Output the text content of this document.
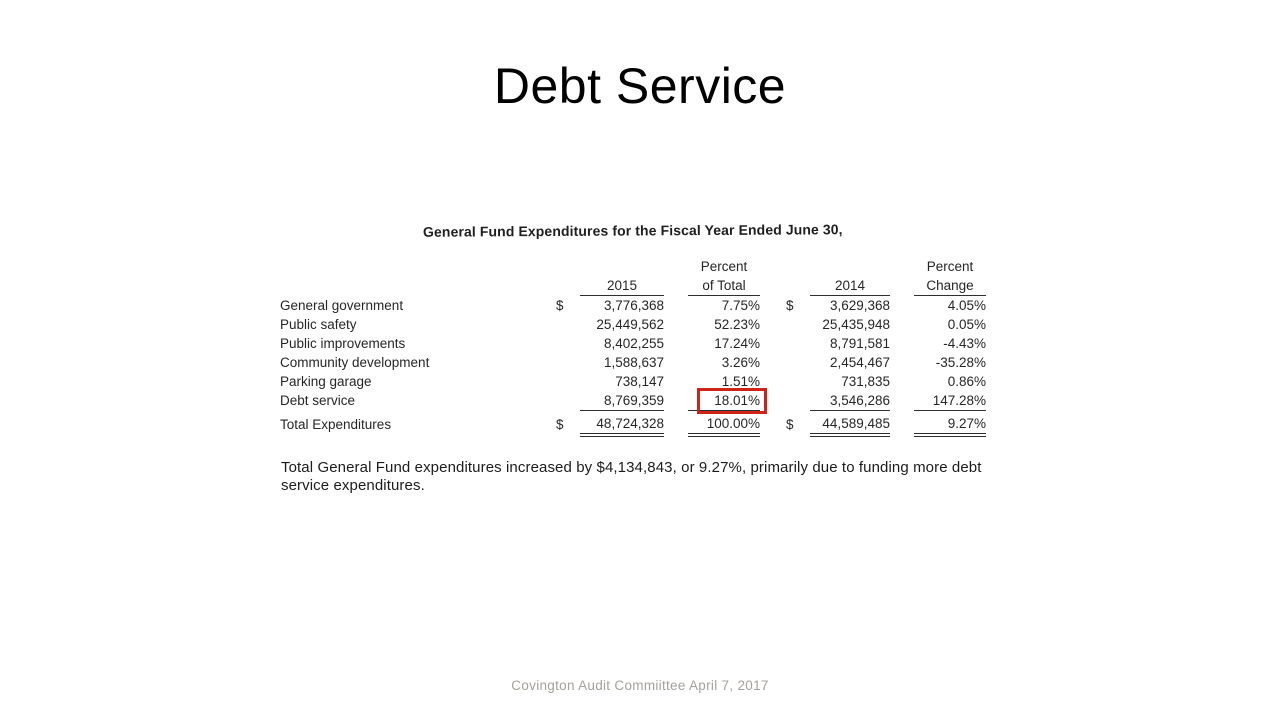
Debt Service
General Fund Expenditures for the Fiscal Year Ended June 30,
				Percent					Percent
		2015		of Total			2014		Change
General government	$	3,776,368		7.75%		$	3,629,368		4.05%
Public safety		25,449,562		52.23%			25,435,948		0.05%
Public improvements		8,402,255		17.24%			8,791,581		-4.43%
Community development		1,588,637		3.26%			2,454,467		-35.28%
Parking garage		738,147		1.51%			731,835		0.86%
Debt service		8,769,359		18.01%			3,546,286		147.28%
Total Expenditures	$	48,724,328		100.00%		$	44,589,485		9.27%
Total General Fund expenditures increased by $4,134,843, or 9.27%, primarily due to funding more debt service expenditures.
Covington Audit Commiittee April 7, 2017
